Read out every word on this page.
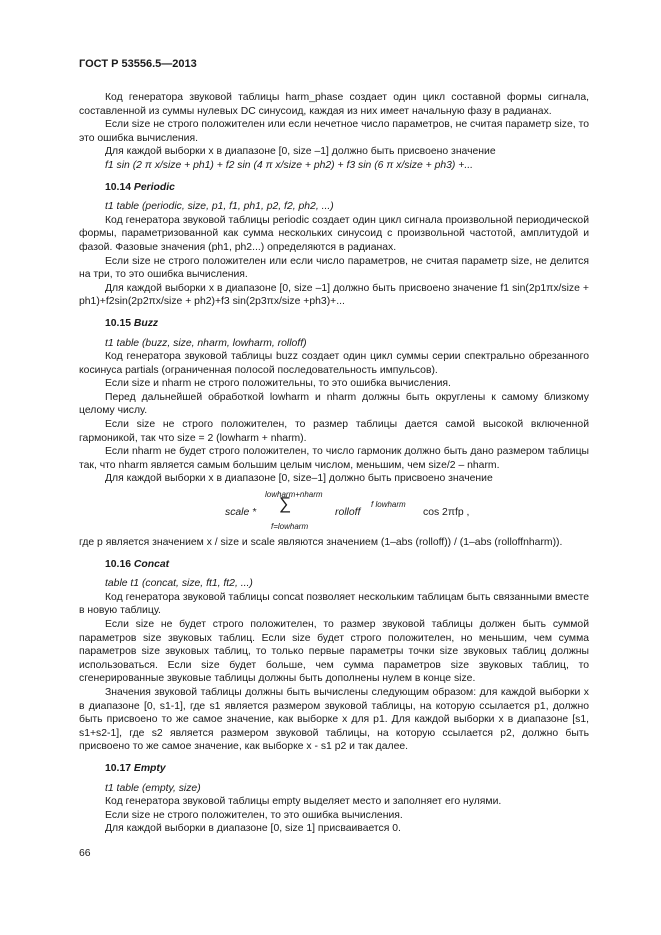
ГОСТ Р 53556.5—2013

Код генератора звуковой таблицы harm_phase создает один цикл составной формы сигнала, составленной из суммы нулевых DC синусоид, каждая из них имеет начальную фазу в радианах.

Если size не строго положителен или если нечетное число параметров, не считая параметр size, то это ошибка вычисления.

Для каждой выборки x в диапазоне [0, size –1] должно быть присвоено значение

f1 sin (2 π x/size + ph1) + f2 sin (4 π x/size + ph2) + f3 sin (6 π x/size + ph3) +...

10.14 Periodic

t1 table (periodic, size, p1, f1, ph1, p2, f2, ph2, ...)

Код генератора звуковой таблицы periodic создает один цикл сигнала произвольной периодической формы, параметризованной как сумма нескольких синусоид с произвольной частотой, амплитудой и фазой. Фазовые значения (ph1, ph2...) определяются в радианах.

Если size не строго положителен или если число параметров, не считая параметр size, не делится на три, то это ошибка вычисления.

Для каждой выборки x в диапазоне [0, size –1] должно быть присвоено значение f1 sin(2p1πx/size + ph1)+f2sin(2p2πx/size + ph2)+f3 sin(2p3πx/size +ph3)+...

10.15 Buzz

t1 table (buzz, size, nharm, lowharm, rolloff)

Код генератора звуковой таблицы buzz создает один цикл суммы серии спектрально обрезанного косинуса partials (ограниченная полосой последовательность импульсов).

Если size и nharm не строго положительны, то это ошибка вычисления.

Перед дальнейшей обработкой lowharm и nharm должны быть округлены к самому близкому целому числу.

Если size не строго положителен, то размер таблицы дается самой высокой включенной гармоникой, так что size = 2 (lowharm + nharm).

Если nharm не будет строго положителен, то число гармоник должно быть дано размером таблицы так, что nharm является самым большим целым числом, меньшим, чем size/2 – nharm.

Для каждой выборки x в диапазоне [0, size–1] должно быть присвоено значение

scale *
lowharm+nharm
∑
f=lowharm
rolloff
f lowharm
cos 2πfp ,

где p является значением x / size и scale являются значением (1–abs (rolloff)) / (1–abs (rolloffnharm)).

10.16 Concat

table t1 (concat, size, ft1, ft2, ...)

Код генератора звуковой таблицы concat позволяет нескольким таблицам быть связанными вместе в новую таблицу.

Если size не будет строго положителен, то размер звуковой таблицы должен быть суммой параметров size звуковых таблиц. Если size будет строго положителен, но меньшим, чем сумма параметров size звуковых таблиц, то только первые параметры точки size звуковых таблиц должны использоваться. Если size будет больше, чем сумма параметров size звуковых таблиц, то сгенерированные звуковые таблицы должны быть дополнены нулем в конце size.

Значения звуковой таблицы должны быть вычислены следующим образом: для каждой выборки x в диапазоне [0, s1-1], где s1 является размером звуковой таблицы, на которую ссылается p1, должно быть присвоено то же самое значение, как выборке x для p1. Для каждой выборки x в диапазоне [s1, s1+s2-1], где s2 является размером звуковой таблицы, на которую ссылается p2, должно быть присвоено то же самое значение, как выборке x - s1 p2 и так далее.

10.17 Empty

t1 table (empty, size)

Код генератора звуковой таблицы empty выделяет место и заполняет его нулями.

Если size не строго положителен, то это ошибка вычисления.

Для каждой выборки в диапазоне [0, size 1] присваивается 0.

66
